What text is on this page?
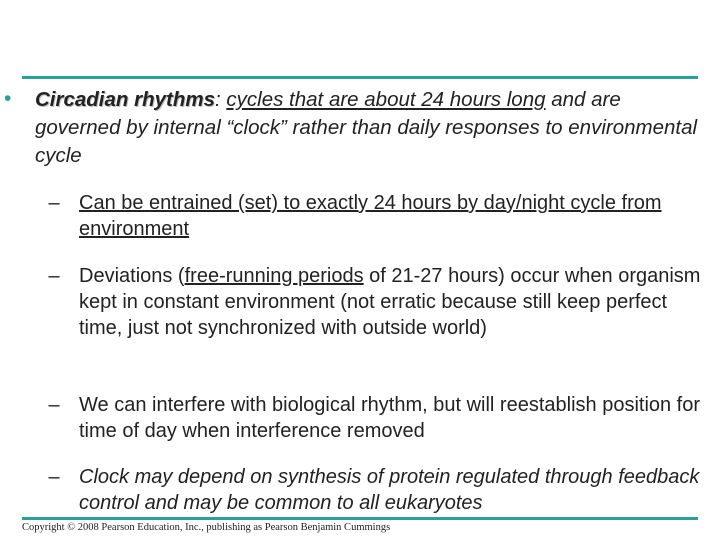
• Circadian rhythms: cycles that are about 24 hours long and are governed by internal “clock” rather than daily responses to environmental cycle
– Can be entrained (set) to exactly 24 hours by day/night cycle from environment
– Deviations (free-running periods of 21-27 hours) occur when organism kept in constant environment (not erratic because still keep perfect time, just not synchronized with outside world)
– We can interfere with biological rhythm, but will reestablish position for time of day when interference removed
– Clock may depend on synthesis of protein regulated through feedback control and may be common to all eukaryotes
Copyright © 2008 Pearson Education, Inc., publishing as Pearson Benjamin Cummings
